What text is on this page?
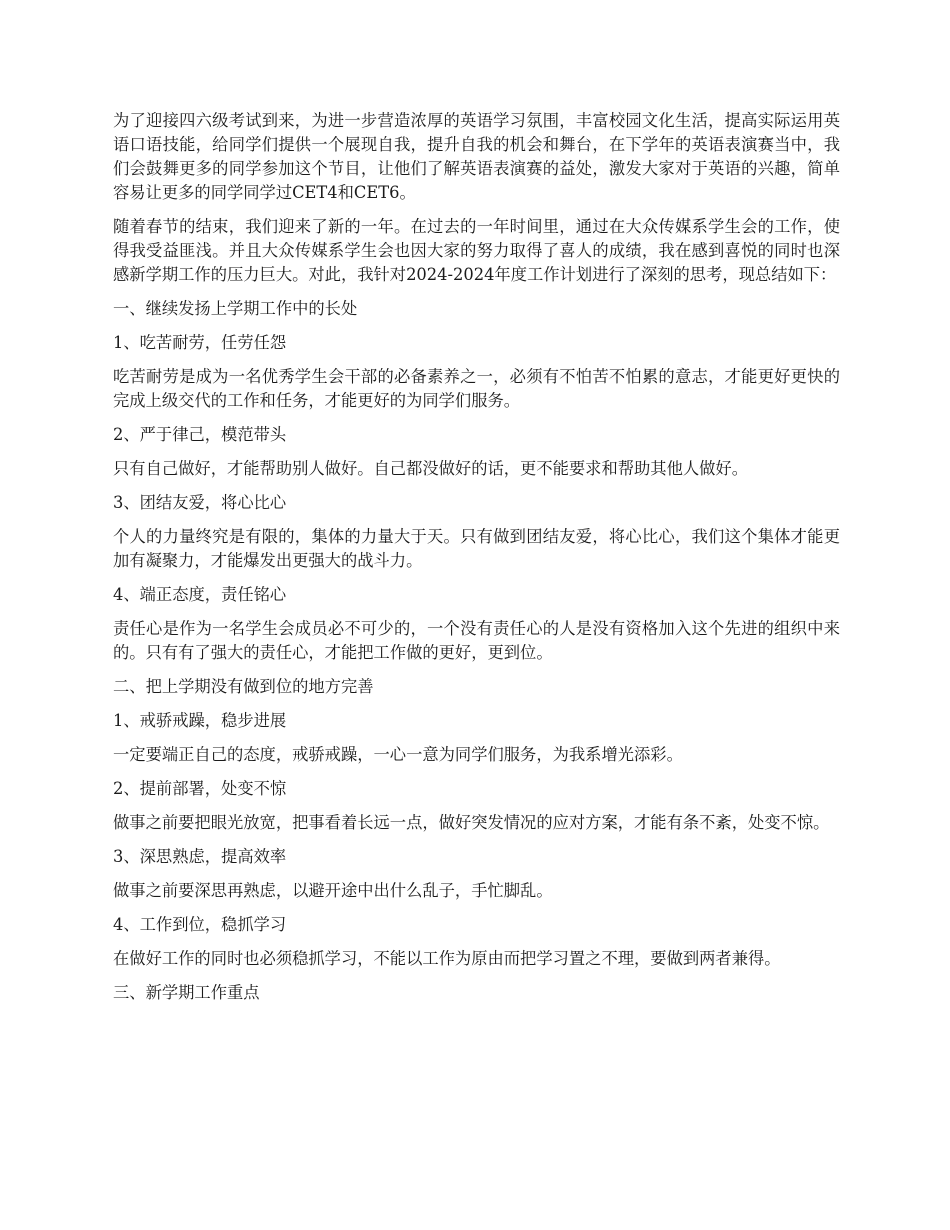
为了迎接四六级考试到来，为进一步营造浓厚的英语学习氛围，丰富校园文化生活，提高实际运用英语口语技能，给同学们提供一个展现自我，提升自我的机会和舞台，在下学年的英语表演赛当中，我们会鼓舞更多的同学参加这个节目，让他们了解英语表演赛的益处，激发大家对于英语的兴趣，简单容易让更多的同学同学过CET4和CET6。

随着春节的结束，我们迎来了新的一年。在过去的一年时间里，通过在大众传媒系学生会的工作，使得我受益匪浅。并且大众传媒系学生会也因大家的努力取得了喜人的成绩，我在感到喜悦的同时也深感新学期工作的压力巨大。对此，我针对2024-2024年度工作计划进行了深刻的思考，现总结如下：

一、继续发扬上学期工作中的长处

1、吃苦耐劳，任劳任怨

吃苦耐劳是成为一名优秀学生会干部的必备素养之一，必须有不怕苦不怕累的意志，才能更好更快的完成上级交代的工作和任务，才能更好的为同学们服务。

2、严于律己，模范带头

只有自己做好，才能帮助别人做好。自己都没做好的话，更不能要求和帮助其他人做好。

3、团结友爱，将心比心

个人的力量终究是有限的，集体的力量大于天。只有做到团结友爱，将心比心，我们这个集体才能更加有凝聚力，才能爆发出更强大的战斗力。

4、端正态度，责任铭心

责任心是作为一名学生会成员必不可少的，一个没有责任心的人是没有资格加入这个先进的组织中来的。只有有了强大的责任心，才能把工作做的更好，更到位。

二、把上学期没有做到位的地方完善

1、戒骄戒躁，稳步进展

一定要端正自己的态度，戒骄戒躁，一心一意为同学们服务，为我系增光添彩。

2、提前部署，处变不惊

做事之前要把眼光放宽，把事看着长远一点，做好突发情况的应对方案，才能有条不紊，处变不惊。

3、深思熟虑，提高效率

做事之前要深思再熟虑，以避开途中出什么乱子，手忙脚乱。

4、工作到位，稳抓学习

在做好工作的同时也必须稳抓学习，不能以工作为原由而把学习置之不理，要做到两者兼得。

三、新学期工作重点
